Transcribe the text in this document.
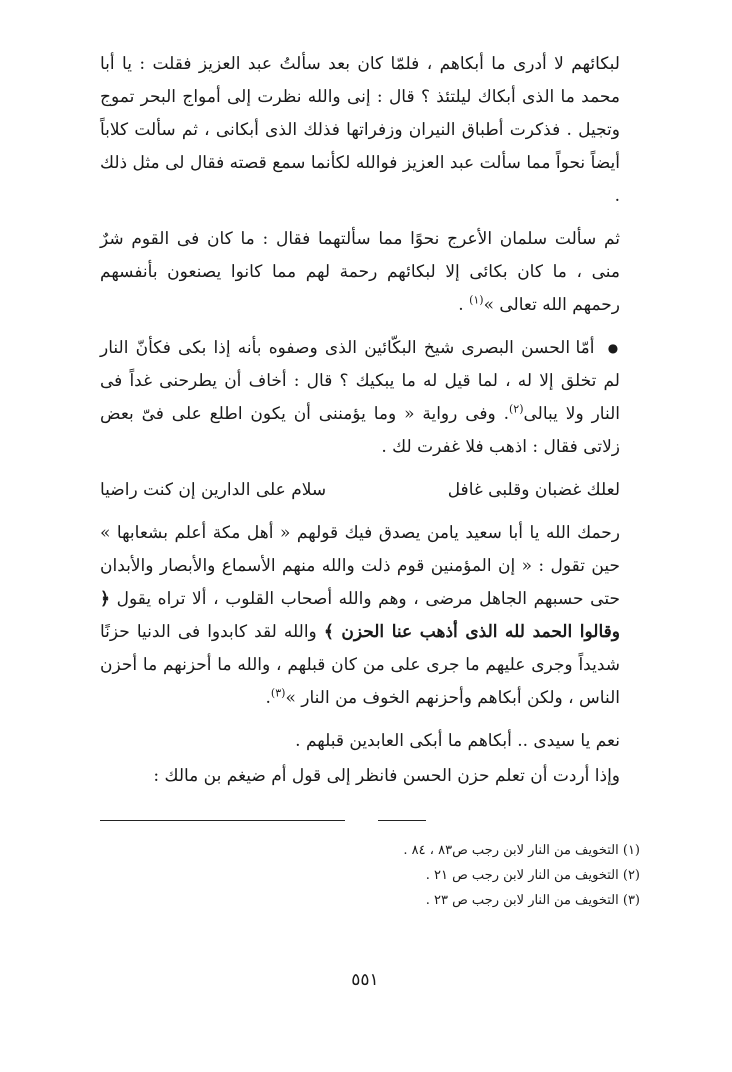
لبكائهم لا أدرى ما أبكاهم ، فلمّا كان بعد سألتُ عبد العزيز فقلت : يا أبا محمد ما الذى أبكاك ليلتئذ ؟ قال : إنى والله نظرت إلى أمواج البحر تموج وتجيل . فذكرت أطباق النيران وزفراتها فذلك الذى أبكانى ، ثم سألت كلاباً أيضاً نحواً مما سألت عبد العزيز فوالله لكأنما سمع قصته فقال لى مثل ذلك .

ثم سألت سلمان الأعرج نحوًا مما سألتهما فقال : ما كان فى القوم شرٌ منى ، ما كان بكائى إلا لبكائهم رحمة لهم مما كانوا يصنعون بأنفسهم رحمهم الله تعالى »$^{(١)}$ .

● أمّا الحسن البصرى شيخ البكّائين الذى وصفوه بأنه إذا بكى فكأنّ النار لم تخلق إلا له ، لما قيل له ما يبكيك ؟ قال : أخاف أن يطرحنى غداً فى النار ولا يبالى$^{(٢)}$. وفى رواية « وما يؤمننى أن يكون اطلع على فىّ بعض زلاتى فقال : اذهب فلا غفرت لك .

لعلك غضبان وقلبى غافل
سلام على الدارين إن كنت راضيا

رحمك الله يا أبا سعيد يامن يصدق فيك قولهم « أهل مكة أعلم بشعابها » حين تقول : « إن المؤمنين قوم ذلت والله منهم الأسماع والأبصار والأبدان حتى حسبهم الجاهل مرضى ، وهم والله أصحاب القلوب ، ألا تراه يقول ﴿ وقالوا الحمد لله الذى أذهب عنا الحزن ﴾ والله لقد كابدوا فى الدنيا حزنًا شديداً وجرى عليهم ما جرى على من كان قبلهم ، والله ما أحزنهم ما أحزن الناس ، ولكن أبكاهم وأحزنهم الخوف من النار »$^{(٣)}$.

نعم يا سيدى .. أبكاهم ما أبكى العابدين قبلهم .

وإذا أردت أن تعلم حزن الحسن فانظر إلى قول أم ضيغم بن مالك :

(١) التخويف من النار لابن رجب ص٨٣ ، ٨٤ .
(٢) التخويف من النار لابن رجب ص ٢١ .
(٣) التخويف من النار لابن رجب ص ٢٣ .
٥٥١
